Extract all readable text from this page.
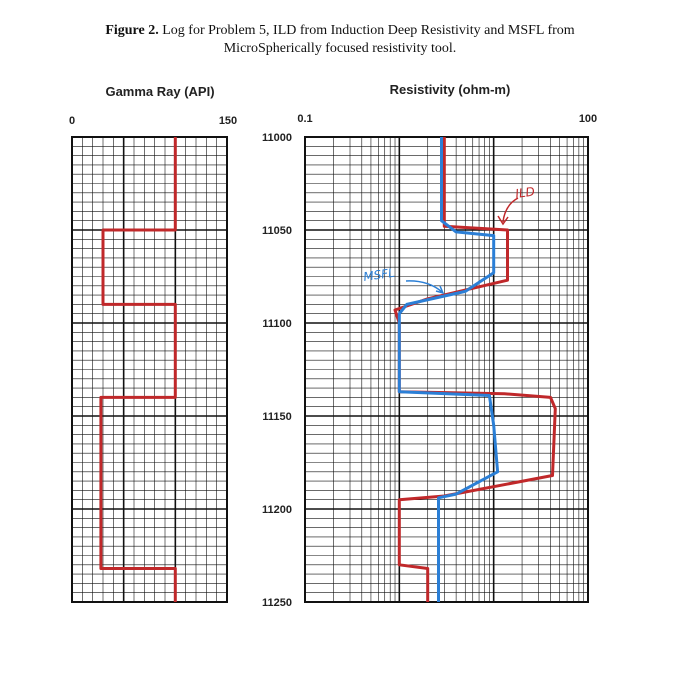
Figure 2. Log for Problem 5, ILD from Induction Deep Resistivity and MSFL from
MicroSpherically focused resistivity tool.
Gamma Ray (API)
0	150
Resistivity (ohm-m)
0.1	100
11000
11050
11100
11150
11200
11250
ILD
MSFL
